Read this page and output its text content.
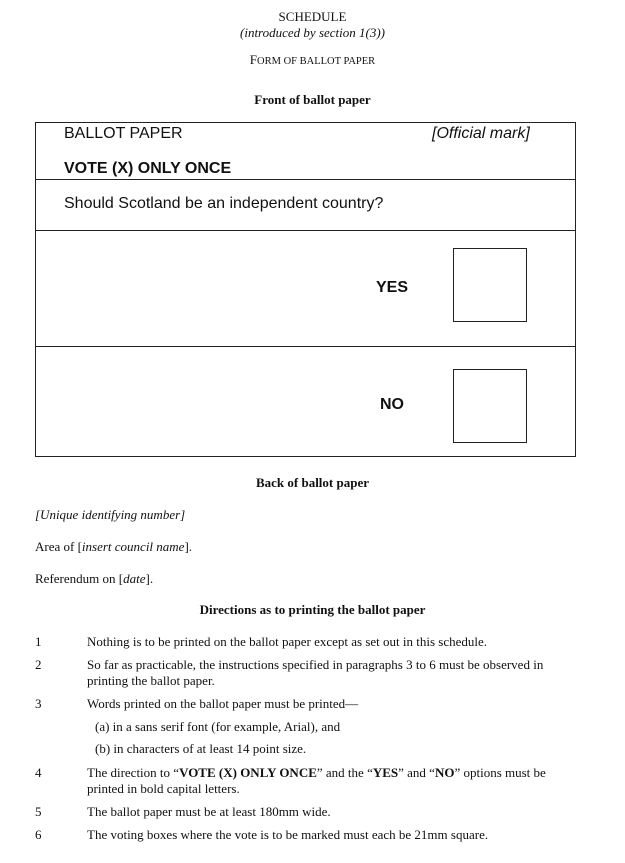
SCHEDULE
(introduced by section 1(3))
FORM OF BALLOT PAPER
Front of ballot paper
BALLOT PAPER	[Official mark]
VOTE (X) ONLY ONCE
Should Scotland be an independent country?
YES
NO
Back of ballot paper
[Unique identifying number]
Area of [insert council name].
Referendum on [date].
Directions as to printing the ballot paper
1	Nothing is to be printed on the ballot paper except as set out in this schedule.
2	So far as practicable, the instructions specified in paragraphs 3 to 6 must be observed in printing the ballot paper.
3	Words printed on the ballot paper must be printed—
(a) in a sans serif font (for example, Arial), and
(b) in characters of at least 14 point size.
4	The direction to “VOTE (X) ONLY ONCE” and the “YES” and “NO” options must be printed in bold capital letters.
5	The ballot paper must be at least 180mm wide.
6	The voting boxes where the vote is to be marked must each be 21mm square.
